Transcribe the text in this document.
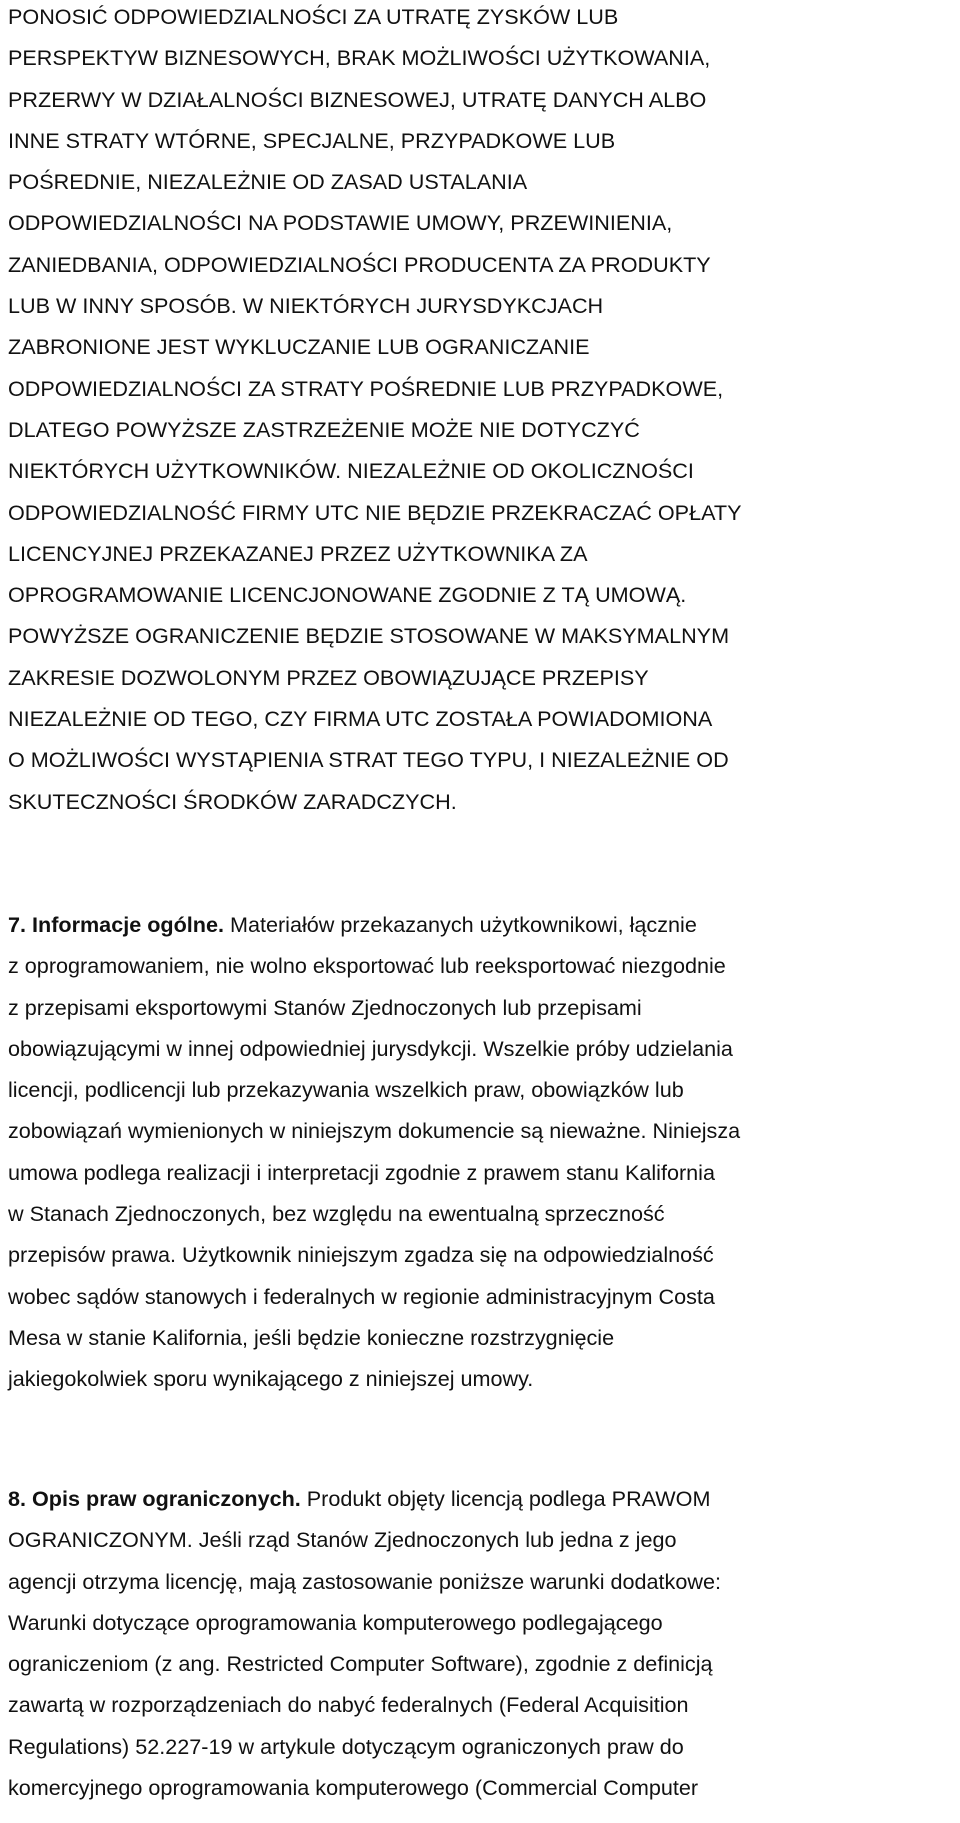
PONOSIĆ ODPOWIEDZIALNOŚCI ZA UTRATĘ ZYSKÓW LUB
PERSPEKTYW BIZNESOWYCH, BRAK MOŻLIWOŚCI UŻYTKOWANIA,
PRZERWY W DZIAŁALNOŚCI BIZNESOWEJ, UTRATĘ DANYCH ALBO
INNE STRATY WTÓRNE, SPECJALNE, PRZYPADKOWE LUB
POŚREDNIE, NIEZALEŻNIE OD ZASAD USTALANIA
ODPOWIEDZIALNOŚCI NA PODSTAWIE UMOWY, PRZEWINIENIA,
ZANIEDBANIA, ODPOWIEDZIALNOŚCI PRODUCENTA ZA PRODUKTY
LUB W INNY SPOSÓB. W NIEKTÓRYCH JURYSDYKCJACH
ZABRONIONE JEST WYKLUCZANIE LUB OGRANICZANIE
ODPOWIEDZIALNOŚCI ZA STRATY POŚREDNIE LUB PRZYPADKOWE,
DLATEGO POWYŻSZE ZASTRZEŻENIE MOŻE NIE DOTYCZYĆ
NIEKTÓRYCH UŻYTKOWNIKÓW. NIEZALEŻNIE OD OKOLICZNOŚCI
ODPOWIEDZIALNOŚĆ FIRMY UTC NIE BĘDZIE PRZEKRACZAĆ OPŁATY
LICENCYJNEJ PRZEKAZANEJ PRZEZ UŻYTKOWNIKA ZA
OPROGRAMOWANIE LICENCJONOWANE ZGODNIE Z TĄ UMOWĄ.
POWYŻSZE OGRANICZENIE BĘDZIE STOSOWANE W MAKSYMALNYM
ZAKRESIE DOZWOLONYM PRZEZ OBOWIĄZUJĄCE PRZEPISY
NIEZALEŻNIE OD TEGO, CZY FIRMA UTC ZOSTAŁA POWIADOMIONA
O MOŻLIWOŚCI WYSTĄPIENIA STRAT TEGO TYPU, I NIEZALEŻNIE OD
SKUTECZNOŚCI ŚRODKÓW ZARADCZYCH.
7. Informacje ogólne. Materiałów przekazanych użytkownikowi, łącznie
z oprogramowaniem, nie wolno eksportować lub reeksportować niezgodnie
z przepisami eksportowymi Stanów Zjednoczonych lub przepisami
obowiązującymi w innej odpowiedniej jurysdykcji. Wszelkie próby udzielania
licencji, podlicencji lub przekazywania wszelkich praw, obowiązków lub
zobowiązań wymienionych w niniejszym dokumencie są nieważne. Niniejsza
umowa podlega realizacji i interpretacji zgodnie z prawem stanu Kalifornia
w Stanach Zjednoczonych, bez względu na ewentualną sprzeczność
przepisów prawa. Użytkownik niniejszym zgadza się na odpowiedzialność
wobec sądów stanowych i federalnych w regionie administracyjnym Costa
Mesa w stanie Kalifornia, jeśli będzie konieczne rozstrzygnięcie
jakiegokolwiek sporu wynikającego z niniejszej umowy.
8. Opis praw ograniczonych. Produkt objęty licencją podlega PRAWOM
OGRANICZONYM. Jeśli rząd Stanów Zjednoczonych lub jedna z jego
agencji otrzyma licencję, mają zastosowanie poniższe warunki dodatkowe:
Warunki dotyczące oprogramowania komputerowego podlegającego
ograniczeniom (z ang. Restricted Computer Software), zgodnie z definicją
zawartą w rozporządzeniach do nabyć federalnych (Federal Acquisition
Regulations) 52.227-19 w artykule dotyczącym ograniczonych praw do
komercyjnego oprogramowania komputerowego (Commercial Computer
